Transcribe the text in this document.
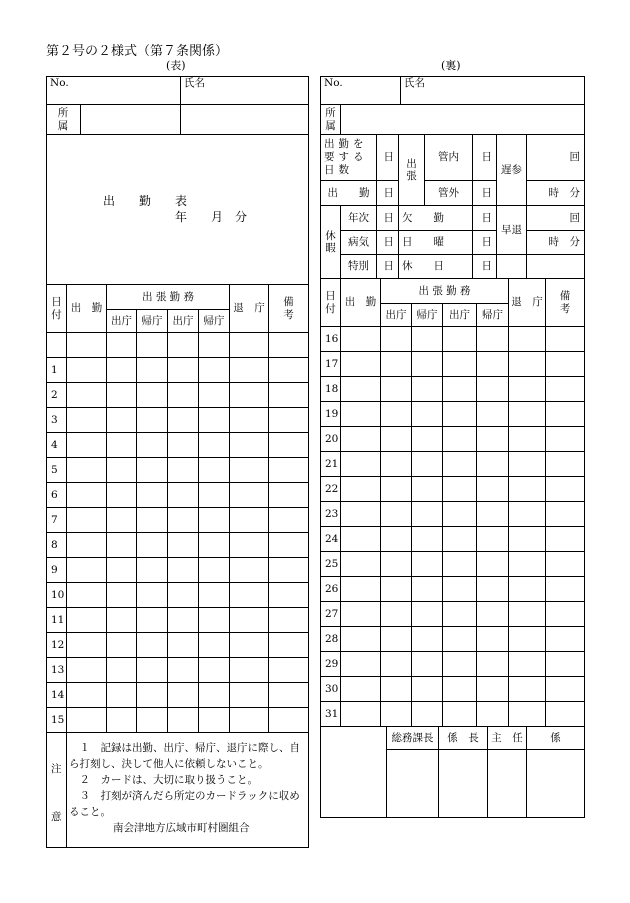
第２号の２様式（第７条関係）
(表)	(裏)
No.		氏名

所属		

出　　勤　　表
年　　月　分		
日付	出　勤	出 張 勤 務				退　庁	備考

		出庁	帰庁	出庁	帰庁		

1							
2							
3							
4							
5							
6							
7							
8							
9							
10							
11							
12							
13							
14							
15							
注
意

１　記録は出勤、出庁、帰庁、退庁に際し、自ら打刻し、決して他人に依頼しないこと。
２　カードは、大切に取り扱うこと。
３　打刻が済んだら所定のカードラックに収めること。
南会津地方広域市町村圏組合
No.		氏名

所属		

出勤を要する日数		日	出張	管内	日	遅参	回
出　　勤		日		管外	日		時　分

休暇	年次	日	欠　　勤		日	早退	回
	病気	日	日　　曜		日		時　分
	特別	日	休　　日		日		
日付	出　勤	出 張 勤 務				退　庁	備考

		出庁	帰庁	出庁	帰庁		
16							
17							
18							
19							
20							
21							
22							
23							
24							
25							
26							
27							
28							
29							
30							
31							
	総務課長	係　長	主　任	係
